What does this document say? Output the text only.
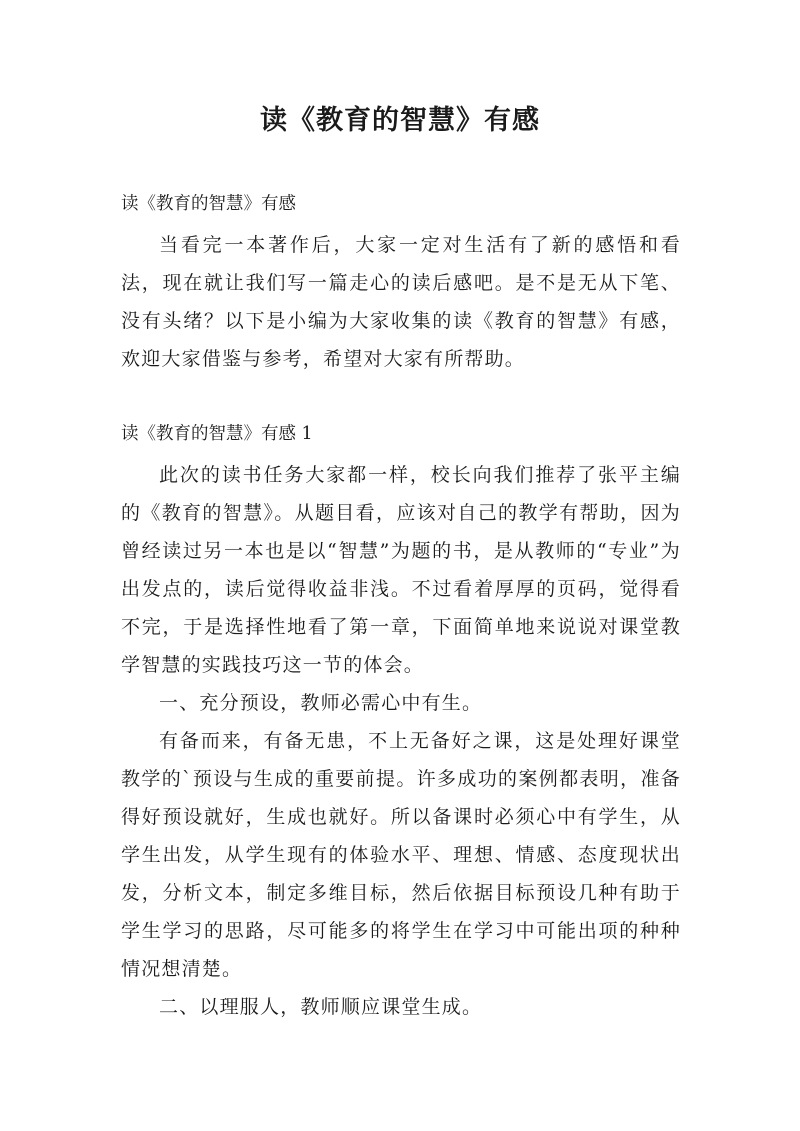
读《教育的智慧》有感

读《教育的智慧》有感

当看完一本著作后，大家一定对生活有了新的感悟和看法，现在就让我们写一篇走心的读后感吧。是不是无从下笔、没有头绪？以下是小编为大家收集的读《教育的智慧》有感，欢迎大家借鉴与参考，希望对大家有所帮助。

读《教育的智慧》有感 1

此次的读书任务大家都一样，校长向我们推荐了张平主编的《教育的智慧》。从题目看，应该对自己的教学有帮助，因为曾经读过另一本也是以“智慧”为题的书，是从教师的“专业”为出发点的，读后觉得收益非浅。不过看着厚厚的页码，觉得看不完，于是选择性地看了第一章，下面简单地来说说对课堂教学智慧的实践技巧这一节的体会。

一、充分预设，教师必需心中有生。

有备而来，有备无患，不上无备好之课，这是处理好课堂教学的`预设与生成的重要前提。许多成功的案例都表明，准备得好预设就好，生成也就好。所以备课时必须心中有学生，从学生出发，从学生现有的体验水平、理想、情感、态度现状出发，分析文本，制定多维目标，然后依据目标预设几种有助于学生学习的思路，尽可能多的将学生在学习中可能出项的种种情况想清楚。

二、以理服人，教师顺应课堂生成。
